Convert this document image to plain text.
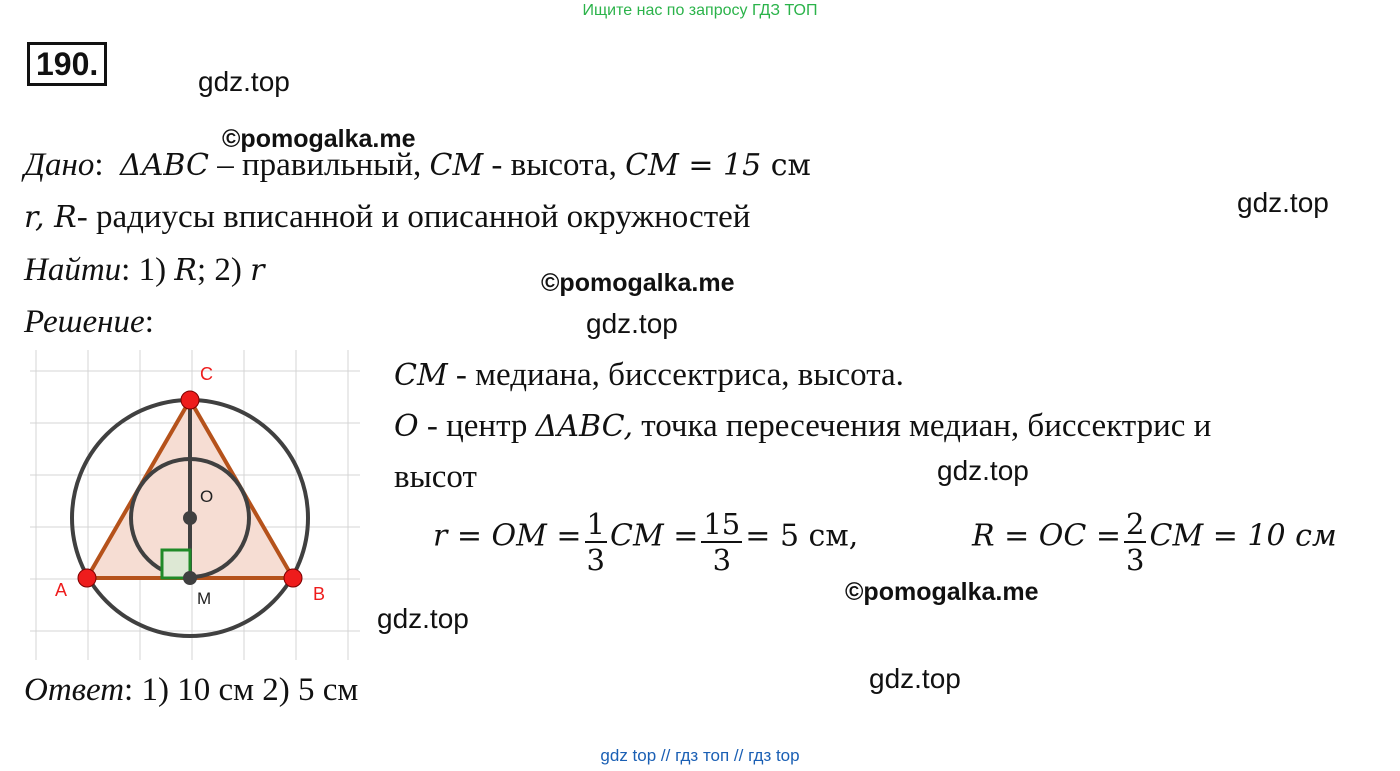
Ищите нас по запросу ГДЗ ТОП
190.	gdz.top
©pomogalka.me
gdz.top
©pomogalka.me
gdz.top
gdz.top
©pomogalka.me
gdz.top
gdz.top
Дано: ΔABC – правильный, CM - высота, CM = 15 см
r, R- радиусы вписанной и описанной окружностей
Найти: 1) R; 2) r
Решение:
C
O
A	B
M
CM - медиана, биссектриса, высота.
O - центр ΔABC, точка пересечения медиан, биссектрис и
высот
r = OM = $\frac{1}{3}$ CM = $\frac{15}{3} = 5$ см,	R = OC = $\frac{2}{3}$ CM = 10 см
Ответ: 1) 10 см 2) 5 см
gdz top // гдз топ // гдз top
